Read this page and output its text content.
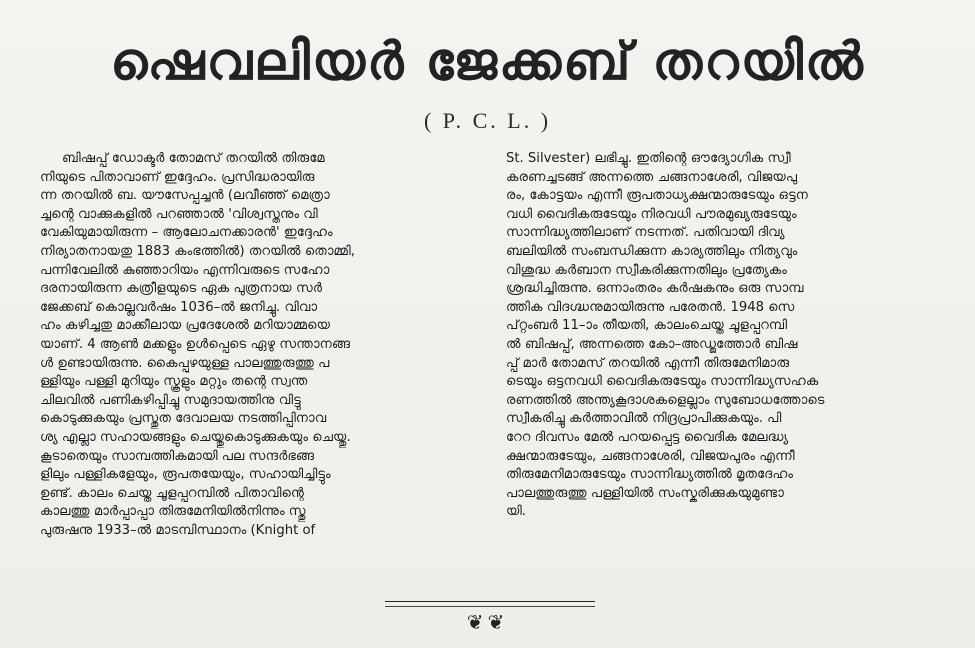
ഷെവലിയർ ജേക്കബ് തറയിൽ
( P. C. L. )
ബിഷപ്പ് ഡോക്ടർ തോമസ് തറയിൽ തിരുമേ
നിയുടെ പിതാവാണ് ഇദ്ദേഹം. പ്രസിദ്ധരായിരു
ന്ന തറയിൽ ബ. യൗസേപ്പച്ചൻ (ലവീഞ്ഞ് മെത്രാ
ച്ചന്റെ വാക്കുകളിൽ പറഞ്ഞാൽ 'വിശ്വസ്തനും വി
വേകിയുമായിരുന്ന – ആലോചനക്കാരൻ' ഇദ്ദേഹം
നിര്യാതനായതു 1883 കംഭത്തിൽ) തറയിൽ തൊമ്മി,
പന്നിവേലിൽ കുഞ്ഞാറിയം എന്നിവരുടെ സഹോ
ദരനായിരുന്ന കത്രീളയുടെ ഏക പുത്രനായ സർ
ജേക്കബ് കൊല്ലവർഷം 1036–ൽ ജനിച്ചു. വിവാ
ഹം കഴിച്ചതു മാക്കീലായ പ്രദേശേൽ മറിയാമ്മയെ
യാണ്. 4 ആൺ മക്കളും ഉൾപ്പെടെ ഏഴു സന്താനങ്ങ
ൾ ഉണ്ടായിരുന്നു. കൈപ്പുഴയുള്ള പാലത്തുരുത്തു പ
ള്ളിയും പള്ളി മുറിയും സ്കൂളും മറ്റും തന്റെ സ്വന്ത
ചിലവിൽ പണികഴിപ്പിച്ചു സമുദായത്തിനു വിട്ടു
കൊടുക്കുകയും പ്രസ്തുത ദേവാലയ നടത്തിപ്പിനാവ
ശ്യ എല്ലാ സഹായങ്ങളും ചെയ്തുകൊടുക്കുകയും ചെയ്തു.
കൂടാതെയും സാമ്പത്തികമായി പല സന്ദർഭങ്ങ
ളിലും പള്ളികളേയും, രൂപതയേയും, സഹായിച്ചിട്ടും
ഉണ്ട്. കാലം ചെയ്ത ചൂളപ്പറമ്പിൽ പിതാവിന്റെ
കാലത്തു മാർപ്പാപ്പാ തിരുമേനിയിൽനിന്നും സ്തു
പുരുഷനു 1933–ൽ മാടമ്പിസ്ഥാനം (Knight of
St. Silvester) ലഭിച്ചു. ഇതിന്റെ ഔദ്യോഗിക സ്വീ
കരണച്ചടങ്ങ് അന്നത്തെ ചങ്ങനാശേരി, വിജയപു
രം, കോട്ടയം എന്നീ രൂപതാധ്യക്ഷന്മാരുടേയും ഒട്ടന
വധി വൈദികരുടേയും നിരവധി പൗരമുഖ്യരുടേയും
സാന്നിദ്ധ്യത്തിലാണ് നടന്നത്. പതിവായി ദിവ്യ
ബലിയിൽ സംബന്ധിക്കുന്ന കാര്യത്തിലും നിത്യവും
വിശുദ്ധ കർബാന സ്വീകരിക്കുന്നതിലും പ്രത്യേകം
ശ്രദ്ധിച്ചിരുന്നു. ഒന്നാംതരം കർഷകനും ഒരു സാമ്പ
ത്തിക വിദഗ്ദ്ധനുമായിരുന്നു പരേതൻ. 1948 സെ
പ്റ്റംബർ 11–ാം തീയതി, കാലംചെയ്ത ചൂളപ്പറമ്പി
ൽ ബിഷപ്പ്, അന്നത്തെ കോ–അഡ്ജത്തോർ ബിഷ
പ്പ് മാർ തോമസ് തറയിൽ എന്നീ തിരുമേനിമാരു
ടെയും ഒട്ടനവധി വൈദികരുടേയും സാന്നിദ്ധ്യസഹക
രണത്തിൽ അന്ത്യകൂദാശകളെല്ലാം സുബോധത്തോടെ
സ്വീകരിച്ചു കർത്താവിൽ നിദ്രപ്രാപിക്കുകയും. പി
റേറ ദിവസം മേൽ പറയപ്പെട്ട വൈദിക മേലദ്ധ്യ
ക്ഷന്മാരുടേയും, ചങ്ങനാശേരി, വിജയപുരം എന്നീ
തിരുമേനിമാരുടേയും സാന്നിദ്ധ്യത്തിൽ മൃതദേഹം
പാലത്തുരുത്തു പള്ളിയിൽ സംസ്കരിക്കുകയുമുണ്ടാ
യി.
❦❦
